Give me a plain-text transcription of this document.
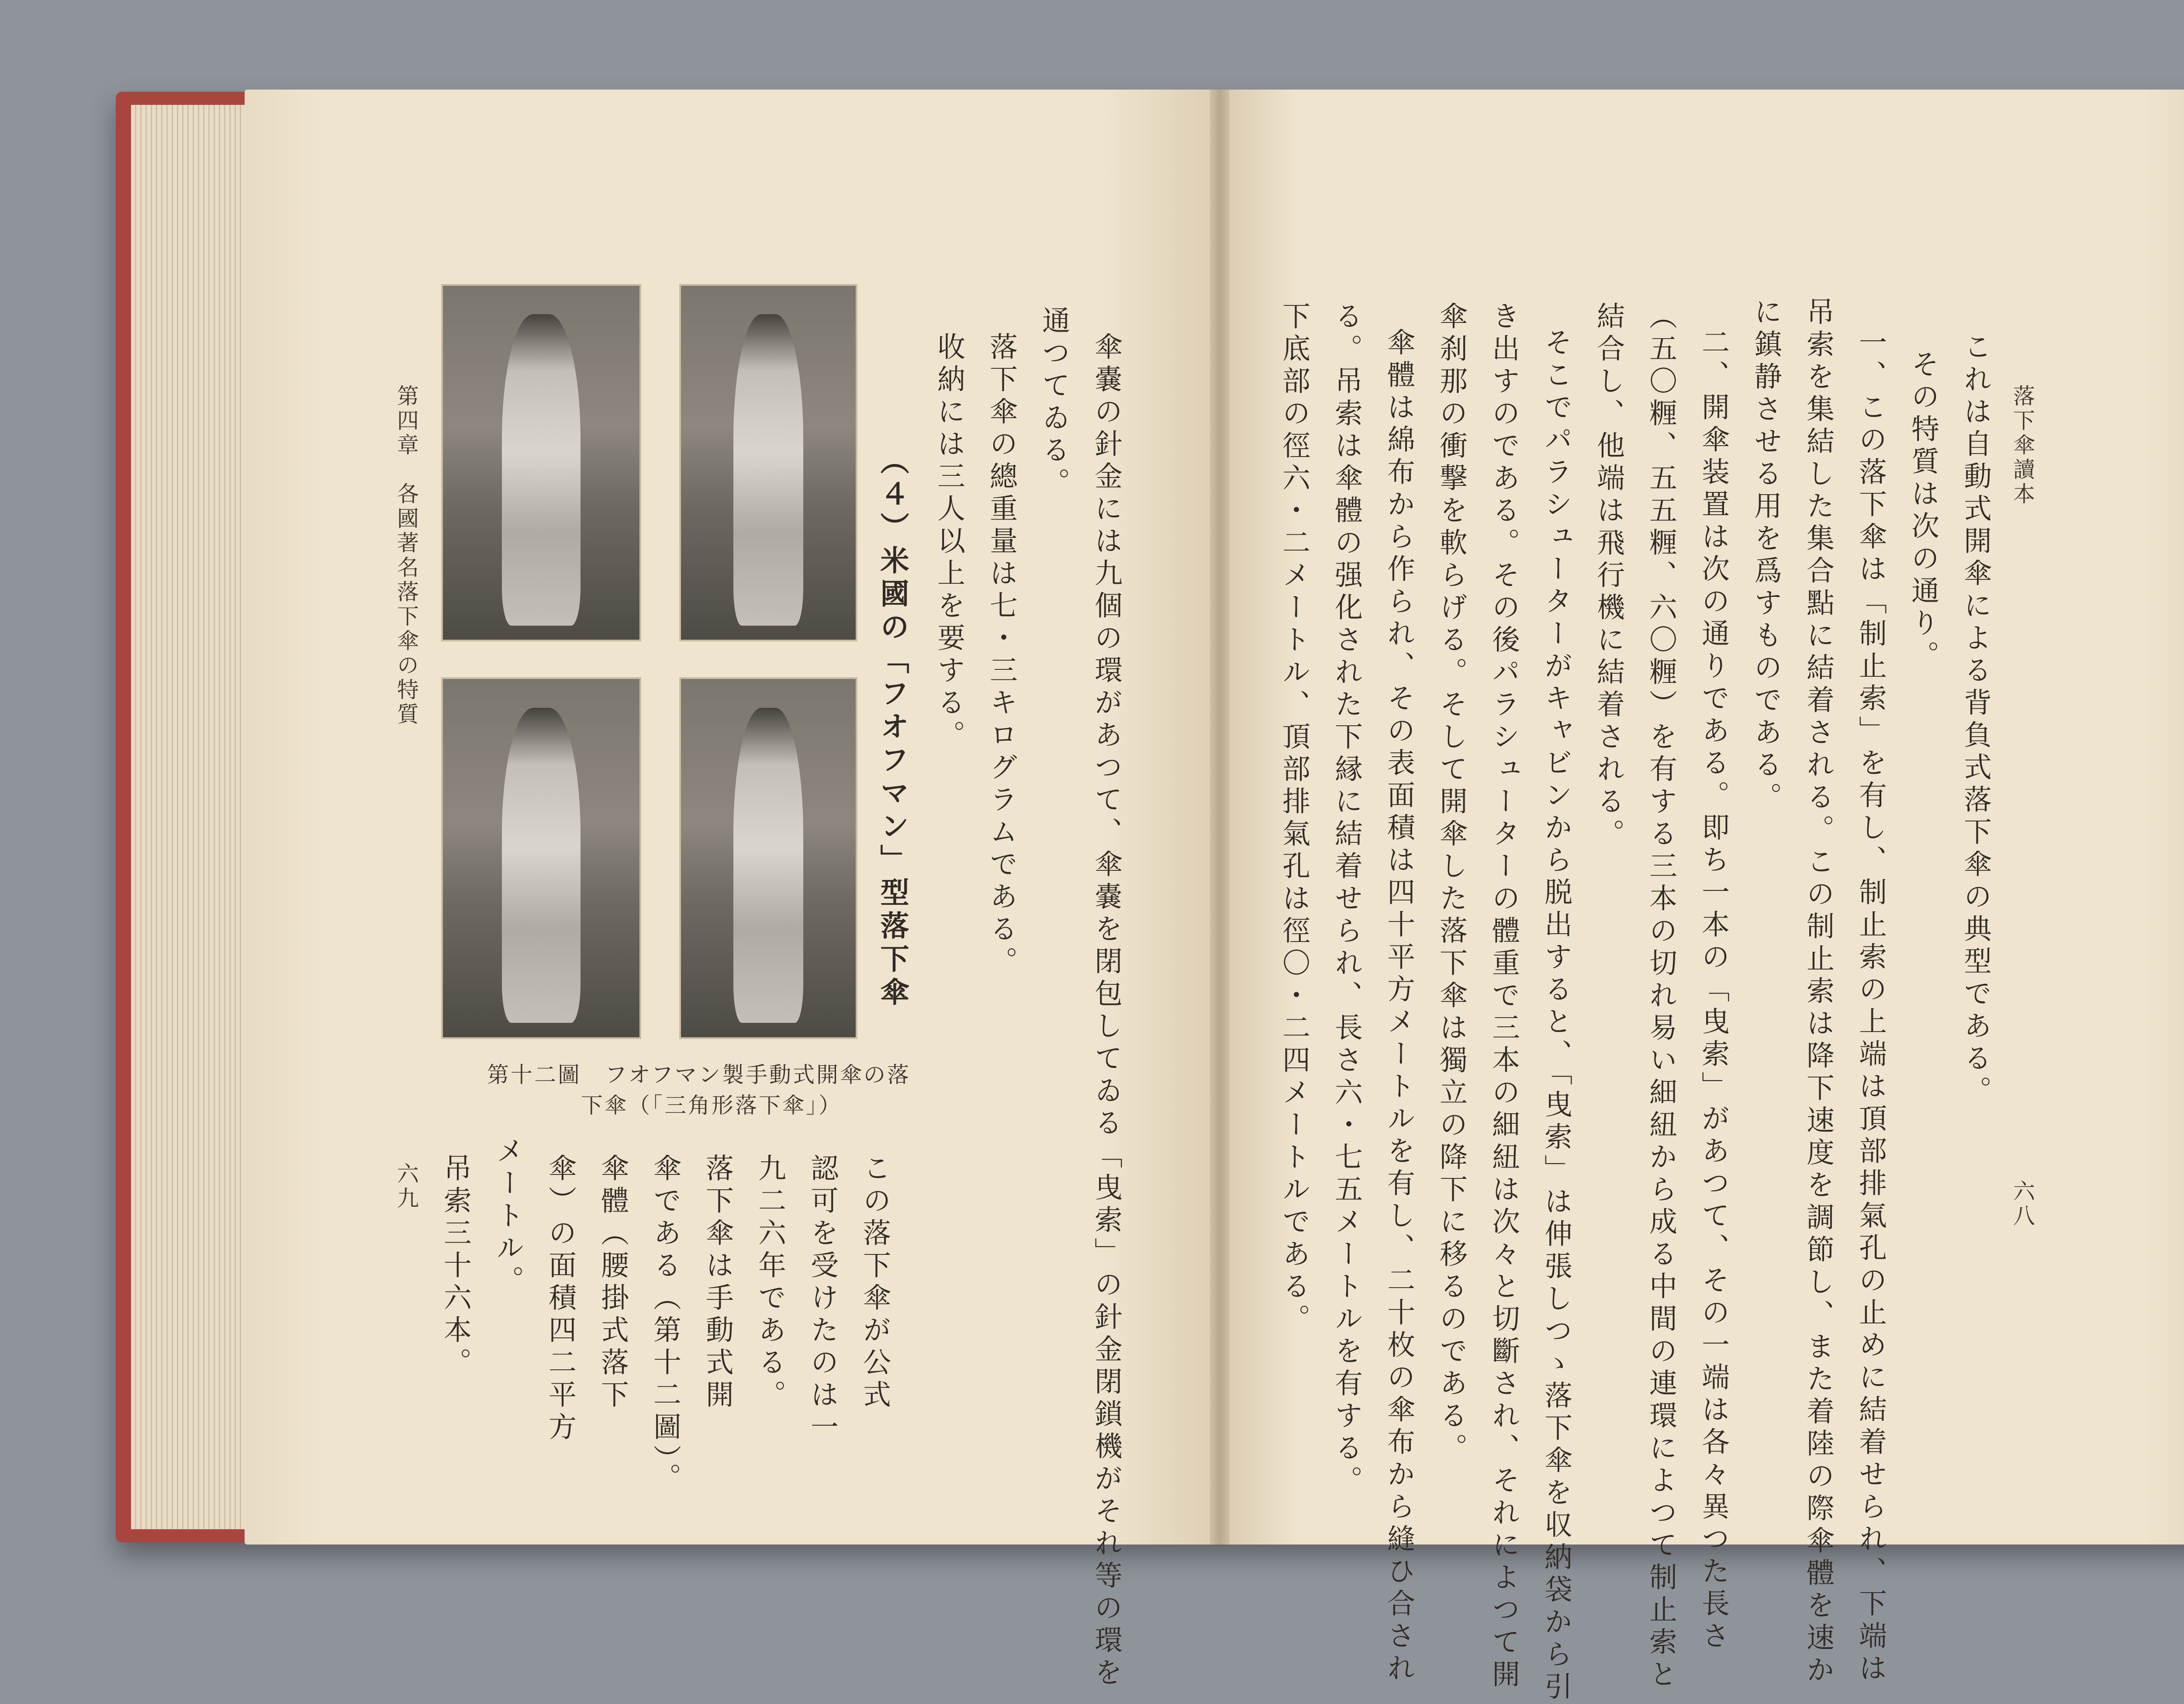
落下傘讀本
六八
これは自動式開傘による背負式落下傘の典型である。
その特質は次の通り。
一、この落下傘は「制止索」を有し、制止索の上端は頂部排氣孔の止めに結着せられ、下端は
吊索を集結した集合點に結着される。この制止索は降下速度を調節し、また着陸の際傘體を速か
に鎮静させる用を爲すものである。
二、開傘装置は次の通りである。即ち一本の「曳索」があつて、その一端は各々異つた長さ
（五〇糎、五五糎、六〇糎）を有する三本の切れ易い細紐から成る中間の連環によつて制止索と
結合し、他端は飛行機に結着される。
そこでパラシューターがキャビンから脱出すると、「曳索」は伸張しつゝ落下傘を収納袋から引
き出すのである。その後パラシューターの體重で三本の細紐は次々と切斷され、それによつて開
傘刹那の衝撃を軟らげる。そして開傘した落下傘は獨立の降下に移るのである。
傘體は綿布から作られ、その表面積は四十平方メートルを有し、二十枚の傘布から縫ひ合され
る。吊索は傘體の强化された下縁に結着せられ、長さ六・七五メートルを有する。
下底部の徑六・二メートル、頂部排氣孔は徑〇・二四メートルである。
傘嚢の針金には九個の環があつて、傘嚢を閉包してゐる「曳索」の針金閉鎖機がそれ等の環を
通つてゐる。
落下傘の總重量は七・三キログラムである。
收納には三人以上を要する。
（４）米國の「フオフマン」型落下傘
第四章　各國著名落下傘の特質
第十二圖　フオフマン製手動式開傘の落
下傘（「三角形落下傘」）
この落下傘が公式
認可を受けたのは一
九二六年である。
落下傘は手動式開
傘である（第十二圖）。
傘體（腰掛式落下
傘）の面積四二平方
メートル。
吊索三十六本。
六九
